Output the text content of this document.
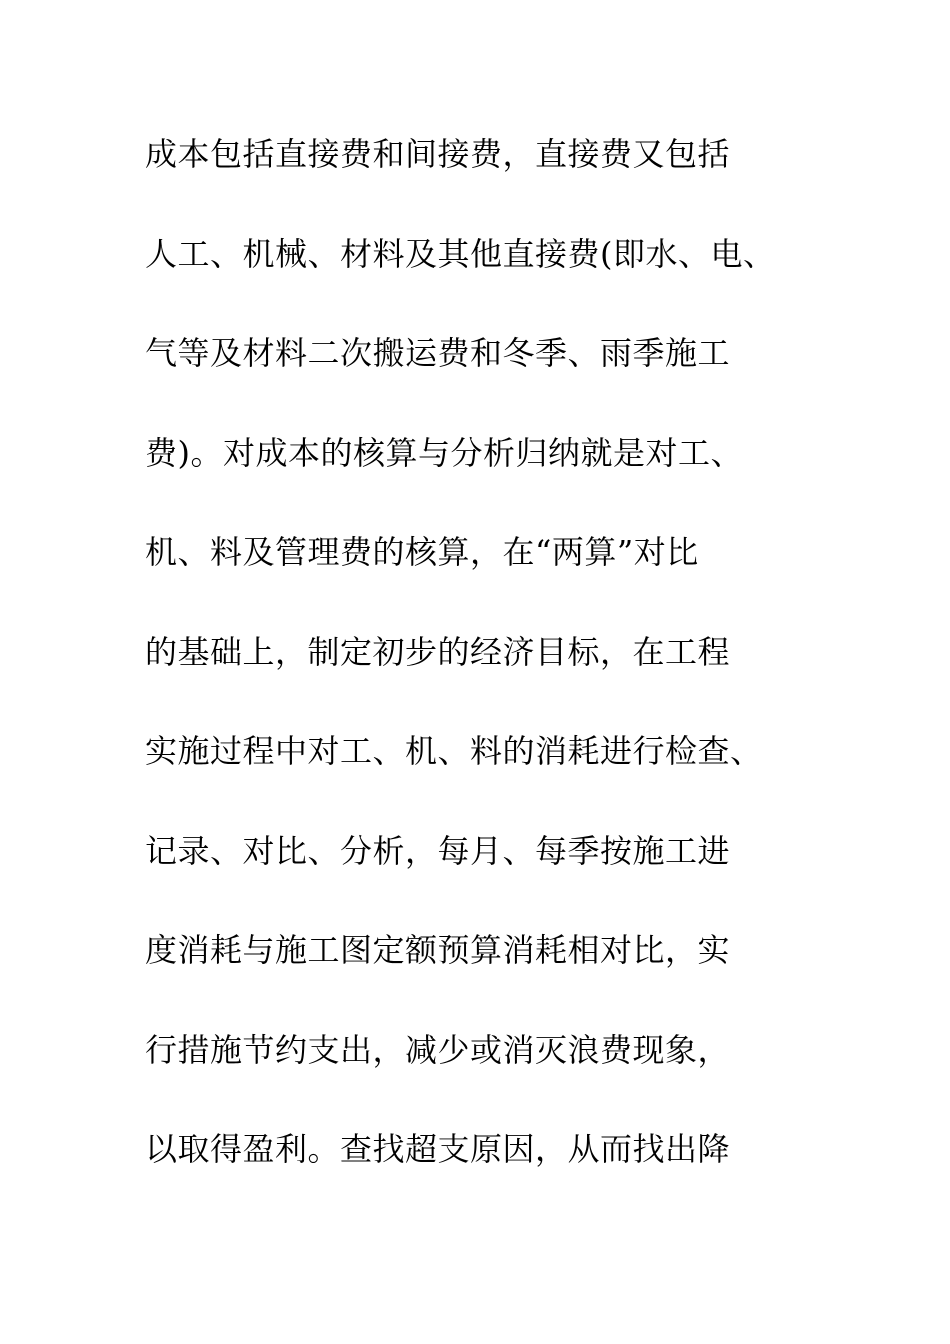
成本包括直接费和间接费，直接费又包括
人工、机械、材料及其他直接费(即水、电、
气等及材料二次搬运费和冬季、雨季施工
费)。对成本的核算与分析归纳就是对工、
机、料及管理费的核算，在“两算”对比
的基础上，制定初步的经济目标，在工程
实施过程中对工、机、料的消耗进行检查、
记录、对比、分析，每月、每季按施工进
度消耗与施工图定额预算消耗相对比，实
行措施节约支出，减少或消灭浪费现象，
以取得盈利。查找超支原因，从而找出降
